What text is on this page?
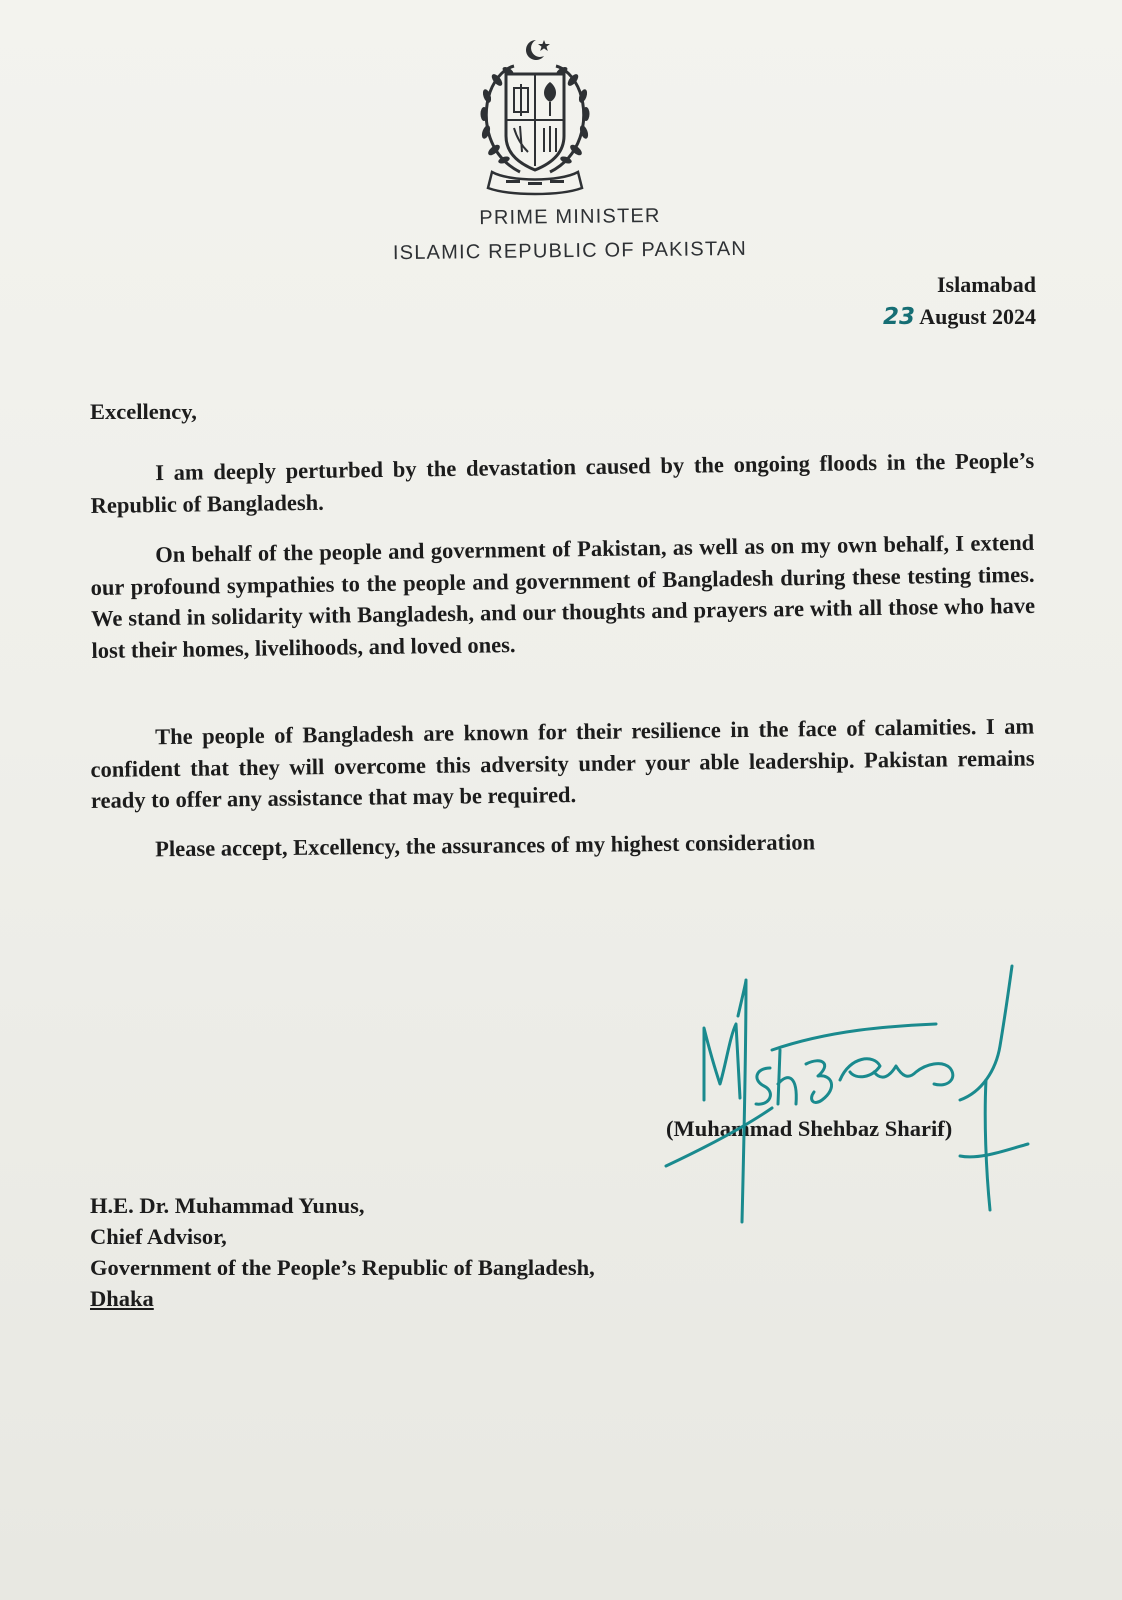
PRIME MINISTER
ISLAMIC REPUBLIC OF PAKISTAN
Islamabad
23 August 2024
Excellency,
I am deeply perturbed by the devastation caused by the ongoing floods in the People’s Republic of Bangladesh.
On behalf of the people and government of Pakistan, as well as on my own behalf, I extend our profound sympathies to the people and government of Bangladesh during these testing times. We stand in solidarity with Bangladesh, and our thoughts and prayers are with all those who have lost their homes, livelihoods, and loved ones.
The people of Bangladesh are known for their resilience in the face of calamities. I am confident that they will overcome this adversity under your able leadership. Pakistan remains ready to offer any assistance that may be required.
Please accept, Excellency, the assurances of my highest consideration
(Muhammad Shehbaz Sharif)
H.E. Dr. Muhammad Yunus,
Chief Advisor,
Government of the People’s Republic of Bangladesh,
Dhaka
